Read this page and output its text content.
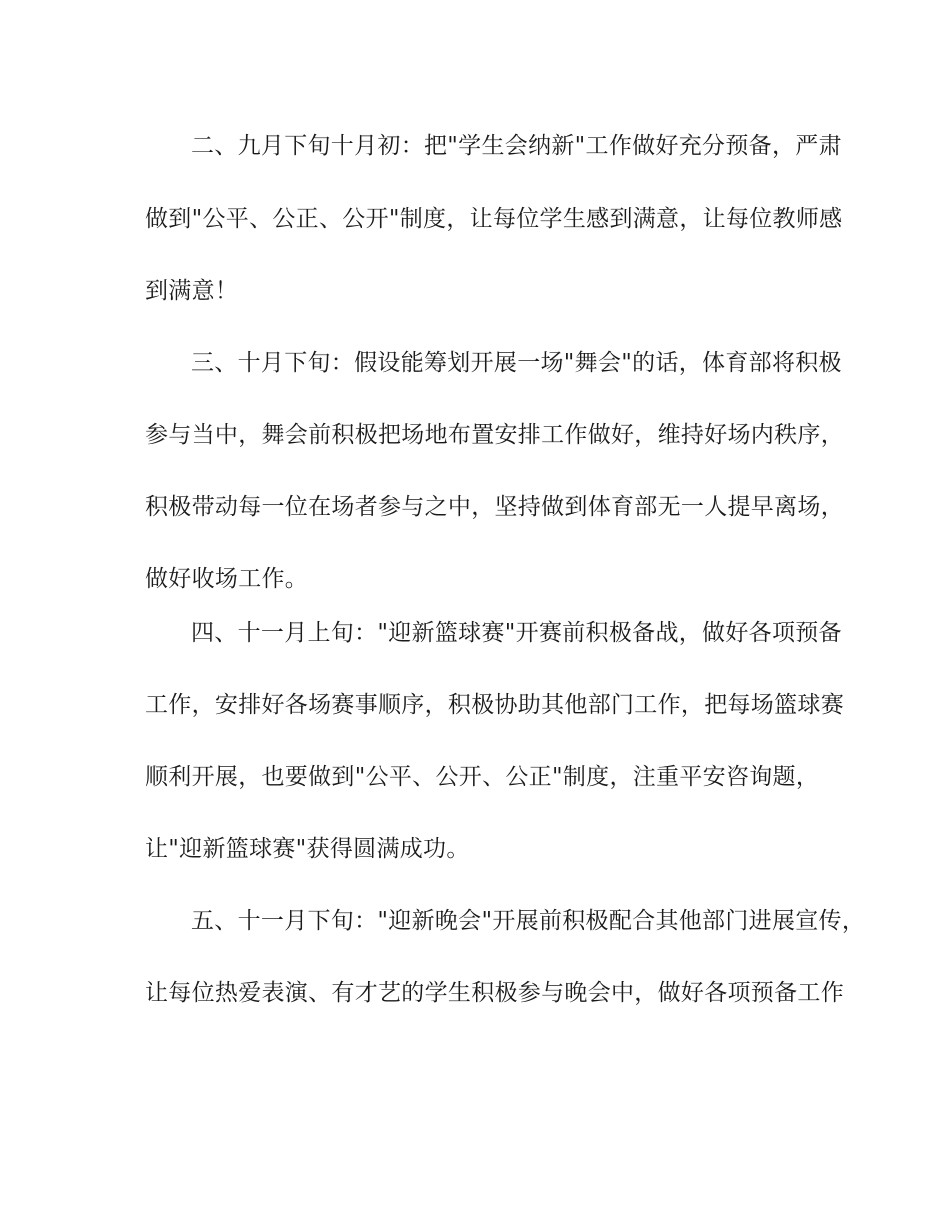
二、九月下旬十月初：把"学生会纳新"工作做好充分预备，严肃
做到"公平、公正、公开"制度，让每位学生感到满意，让每位教师感
到满意！
三、十月下旬：假设能筹划开展一场"舞会"的话，体育部将积极
参与当中，舞会前积极把场地布置安排工作做好，维持好场内秩序，
积极带动每一位在场者参与之中，坚持做到体育部无一人提早离场，
做好收场工作。
四、十一月上旬："迎新篮球赛"开赛前积极备战，做好各项预备
工作，安排好各场赛事顺序，积极协助其他部门工作，把每场篮球赛
顺利开展，也要做到"公平、公开、公正"制度，注重平安咨询题，
让"迎新篮球赛"获得圆满成功。
五、十一月下旬："迎新晚会"开展前积极配合其他部门进展宣传，
让每位热爱表演、有才艺的学生积极参与晚会中，做好各项预备工作
